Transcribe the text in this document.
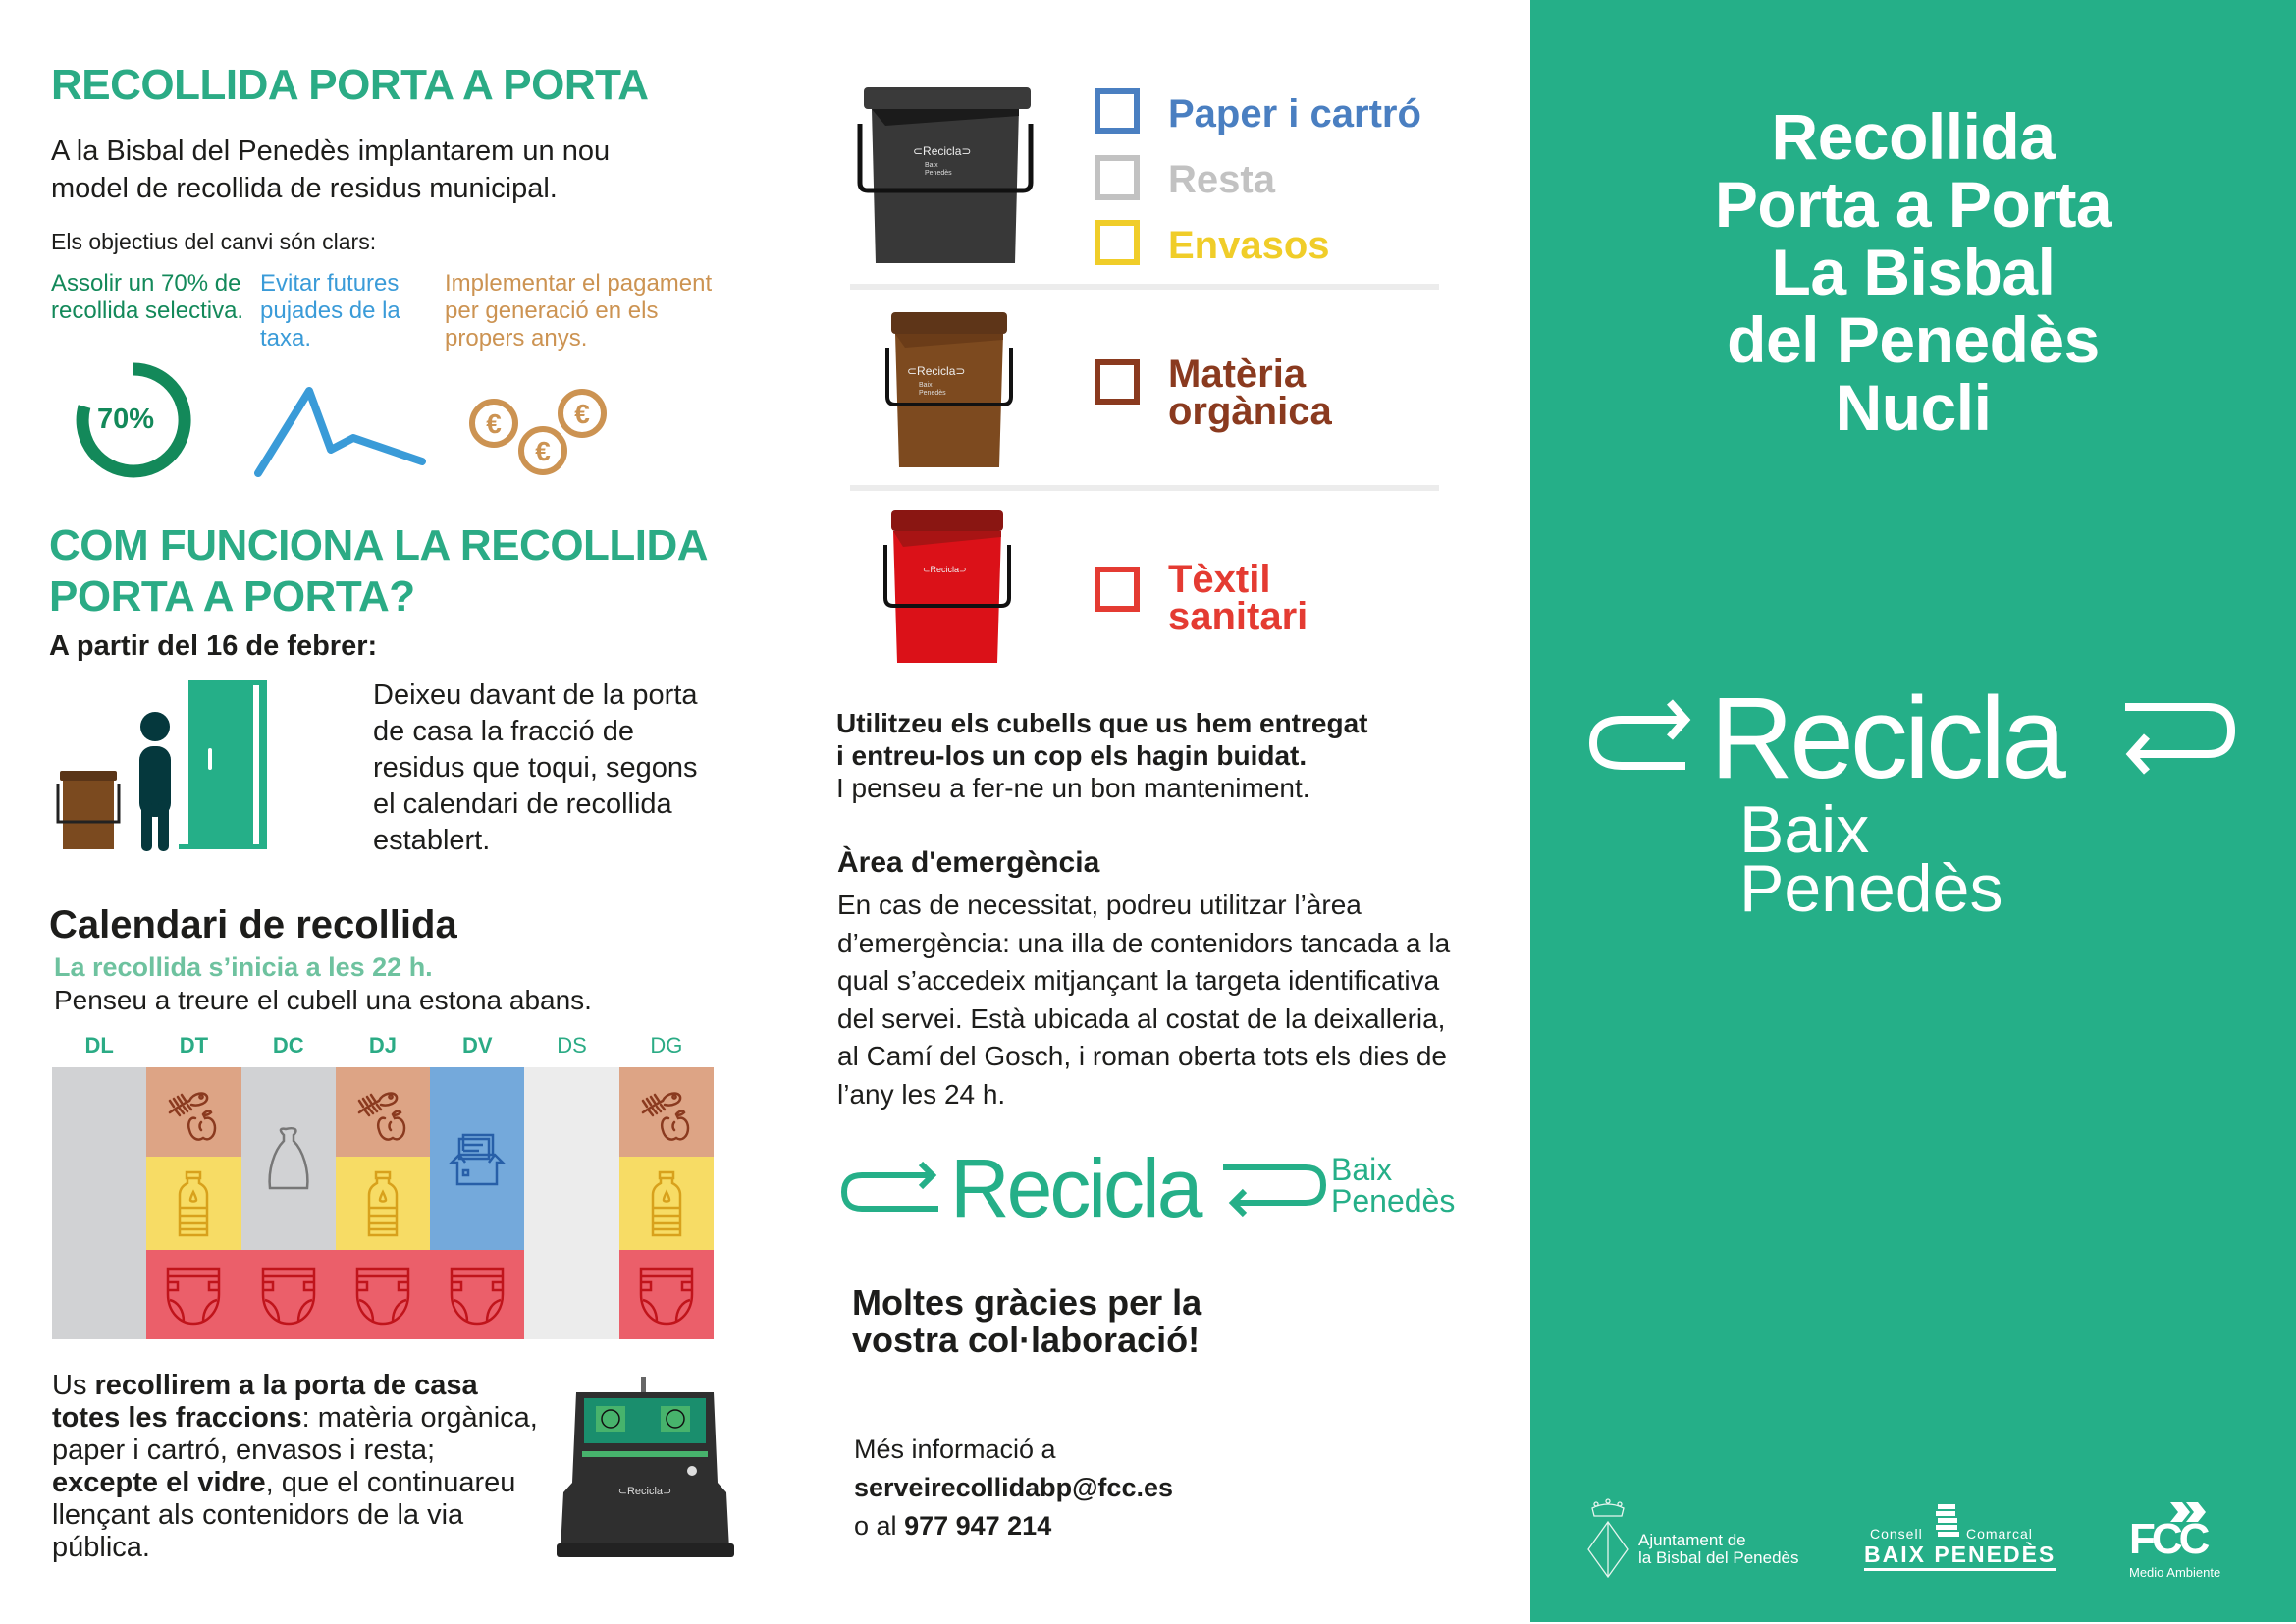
RECOLLIDA PORTA A PORTA
A la Bisbal del Penedès implantarem un nou model de recollida de residus municipal.
Els objectius del canvi són clars:
Assolir un 70% de recollida selectiva.
Evitar futures pujades de la taxa.
Implementar el pagament per generació en els propers anys.
70%	€
€
€
COM FUNCIONA LA RECOLLIDA PORTA A PORTA?
A partir del 16 de febrer:
Deixeu davant de la porta de casa la fracció de residus que toqui, segons el calendari de recollida establert.
Calendari de recollida
La recollida s’inicia a les 22 h.
Penseu a treure el cubell una estona abans.
DL	DT	DC	DJ	DV	DS	DG
Us recollirem a la porta de casa totes les fraccions: matèria orgànica, paper i cartró, envasos i resta; excepte el vidre, que el continuareu llençant als contenidors de la via pública.
⊂Recicla⊃
⊂Recicla⊃
Baix
Penedès
Paper i cartró
Resta
Envasos
⊂Recicla⊃
Baix
Penedès	Matèria
orgànica
⊂Recicla⊃	Tèxtil
sanitari
Utilitzeu els cubells que us hem entregat
i entreu-los un cop els hagin buidat.
I penseu a fer-ne un bon manteniment.
Àrea d'emergència
En cas de necessitat, podreu utilitzar l’àrea d’emergència: una illa de contenidors tancada a la qual s’accedeix mitjançant la targeta identificativa del servei. Està ubicada al costat de la deixalleria, al Camí del Gosch, i roman oberta tots els dies de l’any les 24 h.
Recicla	Baix
Penedès
Moltes gràcies per la
vostra col·laboració!
Més informació a
serveirecollidabp@fcc.es
o al 977 947 214
Recollida
Porta a Porta
La Bisbal
del Penedès
Nucli
Recicla
Baix
Penedès
Ajuntament de
la Bisbal del Penedès
Consell	Comarcal
BAIX PENEDÈS FCC
Medio Ambiente
